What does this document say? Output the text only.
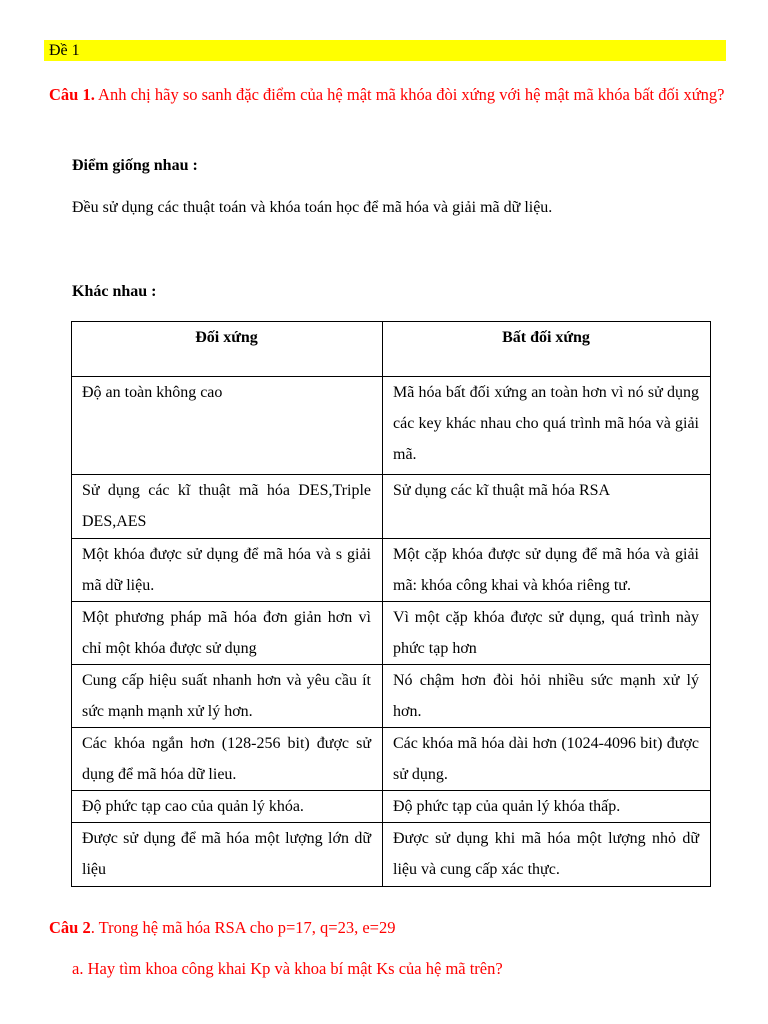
Đề 1
Câu 1. Anh chị hãy so sanh đặc điểm của hệ mật mã khóa đòi xứng với hệ mật mã khóa bất đối xứng?
Điểm giống nhau :
Đều sử dụng các thuật toán và khóa toán học để mã hóa và giải mã dữ liệu.
Khác nhau :
Đối xứng	Bất đối xứng
Độ an toàn không cao	Mã hóa bất đối xứng an toàn hơn vì nó sử dụng các key khác nhau cho quá trình mã hóa và giải mã.
Sử dụng các kĩ thuật mã hóa DES,Triple DES,AES	Sử dụng các kĩ thuật mã hóa RSA
Một khóa được sử dụng để mã hóa và s giải mã dữ liệu.	Một cặp khóa được sử dụng để mã hóa và giải mã: khóa công khai và khóa riêng tư.
Một phương pháp mã hóa đơn giản hơn vì chỉ một khóa được sử dụng	Vì một cặp khóa được sử dụng, quá trình này phức tạp hơn
Cung cấp hiệu suất nhanh hơn và yêu cầu ít sức mạnh mạnh xử lý hơn.	Nó chậm hơn đòi hỏi nhiều sức mạnh xử lý hơn.
Các khóa ngắn hơn (128-256 bit) được sử dụng để mã hóa dữ lieu.	Các khóa mã hóa dài hơn (1024-4096 bit) được sử dụng.
Độ phức tạp cao của quản lý khóa.	Độ phức tạp của quản lý khóa thấp.
Được sử dụng để mã hóa một lượng lớn dữ liệu	Được sử dụng khi mã hóa một lượng nhỏ dữ liệu và cung cấp xác thực.
Câu 2. Trong hệ mã hóa RSA cho p=17, q=23, e=29
a. Hay tìm khoa công khai Kp và khoa bí mật Ks của hệ mã trên?
